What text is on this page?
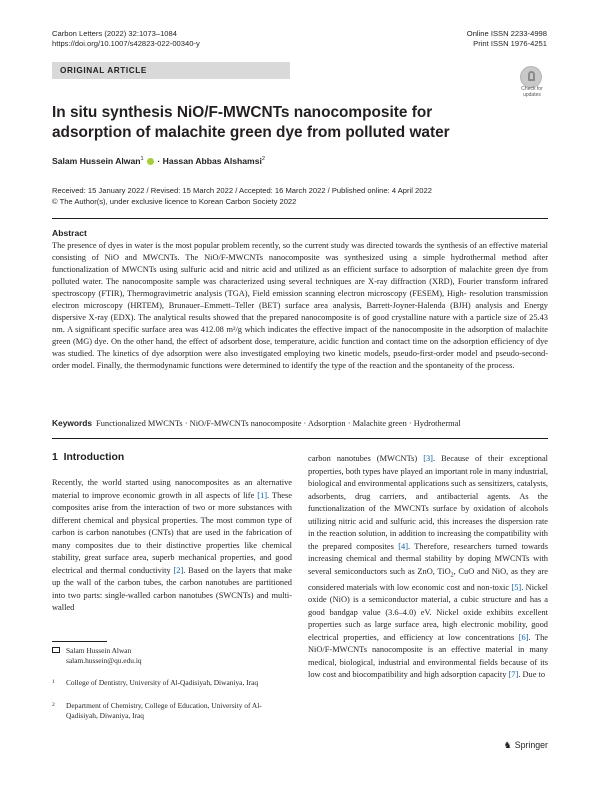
Carbon Letters (2022) 32:1073–1084
https://doi.org/10.1007/s42823-022-00340-y
Online ISSN 2233-4998
Print ISSN 1976-4251
ORIGINAL ARTICLE
Check for
updates
In situ synthesis NiO/F-MWCNTs nanocomposite for adsorption of malachite green dye from polluted water
Salam Hussein Alwan$^1$  · Hassan Abbas Alshamsi$^2$
Received: 15 January 2022 / Revised: 15 March 2022 / Accepted: 16 March 2022 / Published online: 4 April 2022
© The Author(s), under exclusive licence to Korean Carbon Society 2022
Abstract
The presence of dyes in water is the most popular problem recently, so the current study was directed towards the synthesis of an effective material consisting of NiO and MWCNTs. The NiO/F-MWCNTs nanocomposite was synthesized using a simple hydrothermal method after functionalization of MWCNTs using sulfuric acid and nitric acid and utilized as an efficient surface to adsorption of malachite green dye from polluted water. The nanocomposite sample was characterized using several techniques are X-ray diffraction (XRD), Fourier transform infrared spectroscopy (FTIR), Thermogravimetric analysis (TGA), Field emission scanning electron microscopy (FESEM), High- resolution transmission electron microscopy (HRTEM), Brunauer–Emmett–Teller (BET) surface area analysis, Barrett-Joyner-Halenda (BJH) analysis and Energy dispersive X-ray (EDX). The analytical results showed that the prepared nanocomposite is of good crystalline nature with a particle size of 25.43 nm. A significant specific surface area was 412.08 m²/g which indicates the effective impact of the nanocomposite in the adsorption of malachite green (MG) dye. On the other hand, the effect of adsorbent dose, temperature, acidic function and contact time on the adsorption efficiency of dye was studied. The kinetics of dye adsorption were also investigated employing two kinetic models, pseudo-first-order model and pseudo-second-order model. Finally, the thermodynamic functions were determined to identify the type of the reaction and the spontaneity of the process.
Keywords Functionalized MWCNTs · NiO/F-MWCNTs nanocomposite · Adsorption · Malachite green · Hydrothermal
1 Introduction
Recently, the world started using nanocomposites as an alternative material to improve economic growth in all aspects of life [1]. These composites arise from the interaction of two or more substances with different chemical and physical properties. The most common type of carbon is carbon nanotubes (CNTs) that are used in the fabrication of many composites due to their distinctive properties like chemical stability, great surface area, superb mechanical properties, and good electrical and thermal conductivity [2]. Based on the layers that make up the wall of the carbon tubes, the carbon nanotubes are partitioned into two parts: single-walled carbon nanotubes (SWCNTs) and multi-walled
carbon nanotubes (MWCNTs) [3]. Because of their exceptional properties, both types have played an important role in many industrial, biological and environmental applications such as sensitizers, catalysts, adsorbents, drug carriers, and antibacterial agents. As the functionalization of the MWCNTs surface by oxidation of alcohols utilizing nitric acid and sulfuric acid, this increases the dispersion rate in the reaction solution, in addition to increasing the compatibility with the prepared composites [4]. Therefore, researchers turned towards increasing chemical and thermal stability by doping MWCNTs with several semiconductors such as ZnO, TiO$_2$, CuO and NiO, as they are considered materials with low economic cost and non-toxic [5]. Nickel oxide (NiO) is a semiconductor material, a cubic structure and has a good bandgap value (3.6–4.0) eV. Nickel oxide exhibits excellent properties such as large surface area, high electronic mobility, good electrical properties, and efficiency at low concentrations [6]. The NiO/F-MWCNTs nanocomposite is an effective material in many medical, biological, industrial and environmental fields because of its low cost and biocompatibility and high adsorption capacity [7]. Due to
Salam Hussein Alwan
salam.hussein@qu.edu.iq
1 College of Dentistry, University of Al-Qadisiyah, Diwaniya, Iraq
2 Department of Chemistry, College of Education, University of Al-Qadisiyah, Diwaniya, Iraq
♞ Springer
